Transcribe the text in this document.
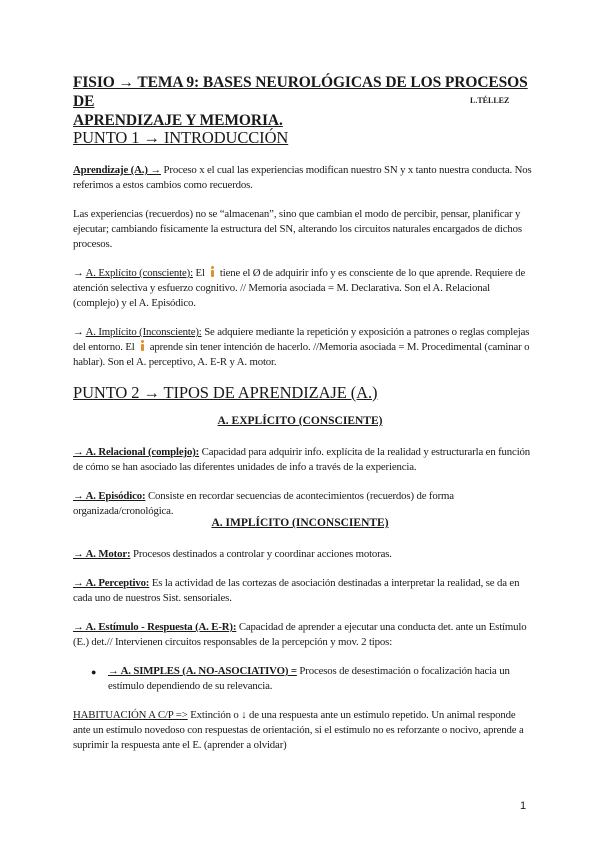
FISIO → TEMA 9: BASES NEUROLÓGICAS DE LOS PROCESOS DE
APRENDIZAJE Y MEMORIA.
L.TÉLLEZ
PUNTO 1 → INTRODUCCIÓN
Aprendizaje (A.) → Proceso x el cual las experiencias modifican nuestro SN y x tanto nuestra conducta. Nos referimos a estos cambios como recuerdos.
Las experiencias (recuerdos) no se “almacenan”, sino que cambian el modo de percibir, pensar, planificar y ejecutar; cambiando físicamente la estructura del SN, alterando los circuitos naturales encargados de dichos procesos.
→ A. Explícito (consciente): El  tiene el Ø de adquirir info y es consciente de lo que aprende. Requiere de atención selectiva y esfuerzo cognitivo. // Memoria asociada = M. Declarativa. Son el A. Relacional (complejo) y el A. Episódico.
→ A. Implícito (Inconsciente): Se adquiere mediante la repetición y exposición a patrones o reglas complejas del entorno. El  aprende sin tener intención de hacerlo. //Memoria asociada = M. Procedimental (caminar o hablar). Son el A. perceptivo, A. E-R y A. motor.
PUNTO 2 → TIPOS DE APRENDIZAJE (A.)
A. EXPLÍCITO (CONSCIENTE)
→ A. Relacional (complejo): Capacidad para adquirir info. explícita de la realidad y estructurarla en función de cómo se han asociado las diferentes unidades de info a través de la experiencia.
→ A. Episódico: Consiste en recordar secuencias de acontecimientos (recuerdos) de forma organizada/cronológica.
A. IMPLÍCITO (INCONSCIENTE)
→ A. Motor: Procesos destinados a controlar y coordinar acciones motoras.
→ A. Perceptivo: Es la actividad de las cortezas de asociación destinadas a interpretar la realidad, se da en cada uno de nuestros Sist. sensoriales.
→ A. Estímulo - Respuesta (A. E-R): Capacidad de aprender a ejecutar una conducta det. ante un Estímulo (E.) det.// Intervienen circuitos responsables de la percepción y mov. 2 tipos:
● → A. SIMPLES (A. NO-ASOCIATIVO) = Procesos de desestimación o focalización hacia un estímulo dependiendo de su relevancia.
HABITUACIÓN A C/P => Extinción o ↓ de una respuesta ante un estímulo repetido. Un animal responde ante un estímulo novedoso con respuestas de orientación, si el estímulo no es reforzante o nocivo, aprende a suprimir la respuesta ante el E. (aprender a olvidar)
1
